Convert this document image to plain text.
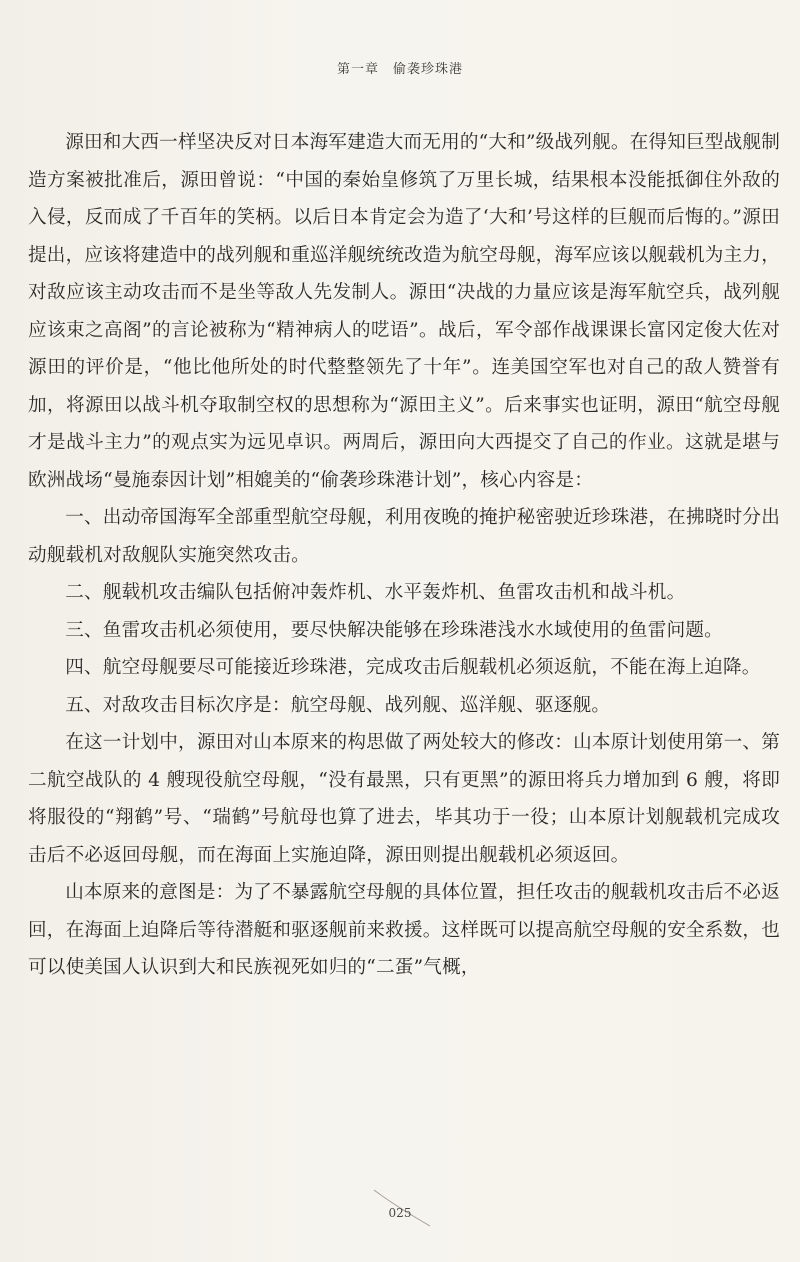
第一章　偷袭珍珠港

源田和大西一样坚决反对日本海军建造大而无用的“大和”级战列舰。在得知巨型战舰制造方案被批准后，源田曾说：“中国的秦始皇修筑了万里长城，结果根本没能抵御住外敌的入侵，反而成了千百年的笑柄。以后日本肯定会为造了‘大和’号这样的巨舰而后悔的。”源田提出，应该将建造中的战列舰和重巡洋舰统统改造为航空母舰，海军应该以舰载机为主力，对敌应该主动攻击而不是坐等敌人先发制人。源田“决战的力量应该是海军航空兵，战列舰应该束之高阁”的言论被称为“精神病人的呓语”。战后，军令部作战课课长富冈定俊大佐对源田的评价是，“他比他所处的时代整整领先了十年”。连美国空军也对自己的敌人赞誉有加，将源田以战斗机夺取制空权的思想称为“源田主义”。后来事实也证明，源田“航空母舰才是战斗主力”的观点实为远见卓识。两周后，源田向大西提交了自己的作业。这就是堪与欧洲战场“曼施泰因计划”相媲美的“偷袭珍珠港计划”，核心内容是：

一、出动帝国海军全部重型航空母舰，利用夜晚的掩护秘密驶近珍珠港，在拂晓时分出动舰载机对敌舰队实施突然攻击。

二、舰载机攻击编队包括俯冲轰炸机、水平轰炸机、鱼雷攻击机和战斗机。

三、鱼雷攻击机必须使用，要尽快解决能够在珍珠港浅水水域使用的鱼雷问题。

四、航空母舰要尽可能接近珍珠港，完成攻击后舰载机必须返航，不能在海上迫降。

五、对敌攻击目标次序是：航空母舰、战列舰、巡洋舰、驱逐舰。

在这一计划中，源田对山本原来的构思做了两处较大的修改：山本原计划使用第一、第二航空战队的 4 艘现役航空母舰，“没有最黑，只有更黑”的源田将兵力增加到 6 艘，将即将服役的“翔鹤”号、“瑞鹤”号航母也算了进去，毕其功于一役；山本原计划舰载机完成攻击后不必返回母舰，而在海面上实施迫降，源田则提出舰载机必须返回。

山本原来的意图是：为了不暴露航空母舰的具体位置，担任攻击的舰载机攻击后不必返回，在海面上迫降后等待潜艇和驱逐舰前来救援。这样既可以提高航空母舰的安全系数，也可以使美国人认识到大和民族视死如归的“二蛋”气概，

025
